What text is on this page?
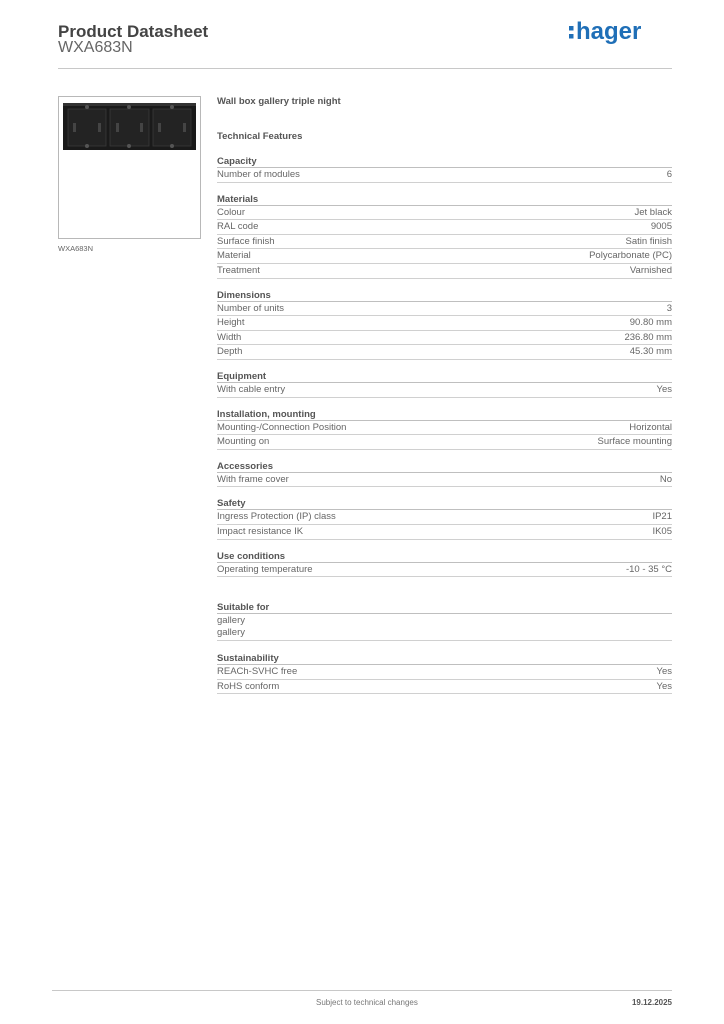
Product Datasheet
WXA683N
hager
WXA683N
Wall box gallery triple night
Technical Features
Capacity
Number of modules	6
Materials
Colour	Jet black
RAL code	9005
Surface finish	Satin finish
Material	Polycarbonate (PC)
Treatment	Varnished
Dimensions
Number of units	3
Height	90.80 mm
Width	236.80 mm
Depth	45.30 mm
Equipment
With cable entry	Yes
Installation, mounting
Mounting-/Connection Position	Horizontal
Mounting on	Surface mounting
Accessories
With frame cover	No
Safety
Ingress Protection (IP) class	IP21
Impact resistance IK	IK05
Use conditions
Operating temperature	-10 - 35 °C
Suitable for
gallery
gallery
Sustainability
REACh-SVHC free	Yes
RoHS conform	Yes
Subject to technical changes	19.12.2025
